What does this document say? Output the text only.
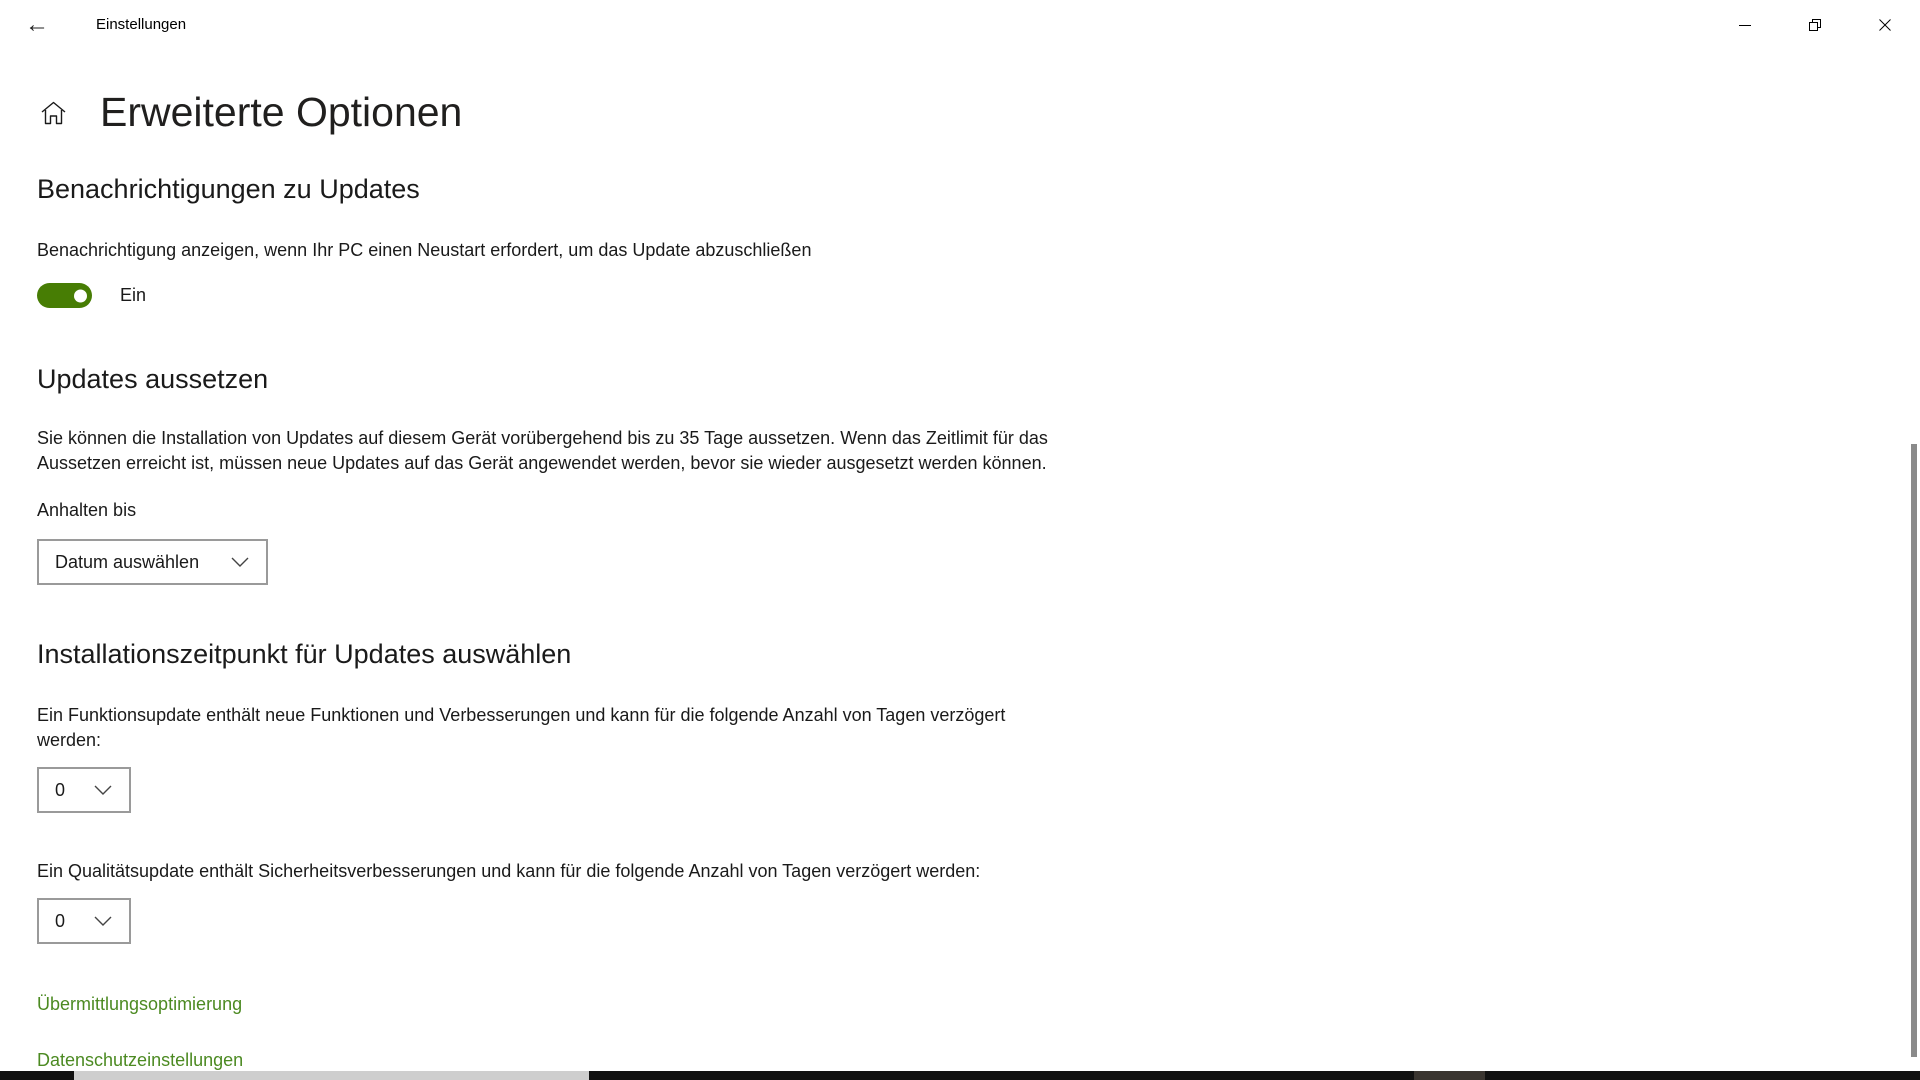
←	Einstellungen
Erweiterte Optionen
Benachrichtigungen zu Updates
Benachrichtigung anzeigen, wenn Ihr PC einen Neustart erfordert, um das Update abzuschließen
Ein
Updates aussetzen
Sie können die Installation von Updates auf diesem Gerät vorübergehend bis zu 35 Tage aussetzen. Wenn das Zeitlimit für das
Aussetzen erreicht ist, müssen neue Updates auf das Gerät angewendet werden, bevor sie wieder ausgesetzt werden können.
Anhalten bis
Datum auswählen
Installationszeitpunkt für Updates auswählen
Ein Funktionsupdate enthält neue Funktionen und Verbesserungen und kann für die folgende Anzahl von Tagen verzögert
werden:
0
Ein Qualitätsupdate enthält Sicherheitsverbesserungen und kann für die folgende Anzahl von Tagen verzögert werden:
0
Übermittlungsoptimierung
Datenschutzeinstellungen
